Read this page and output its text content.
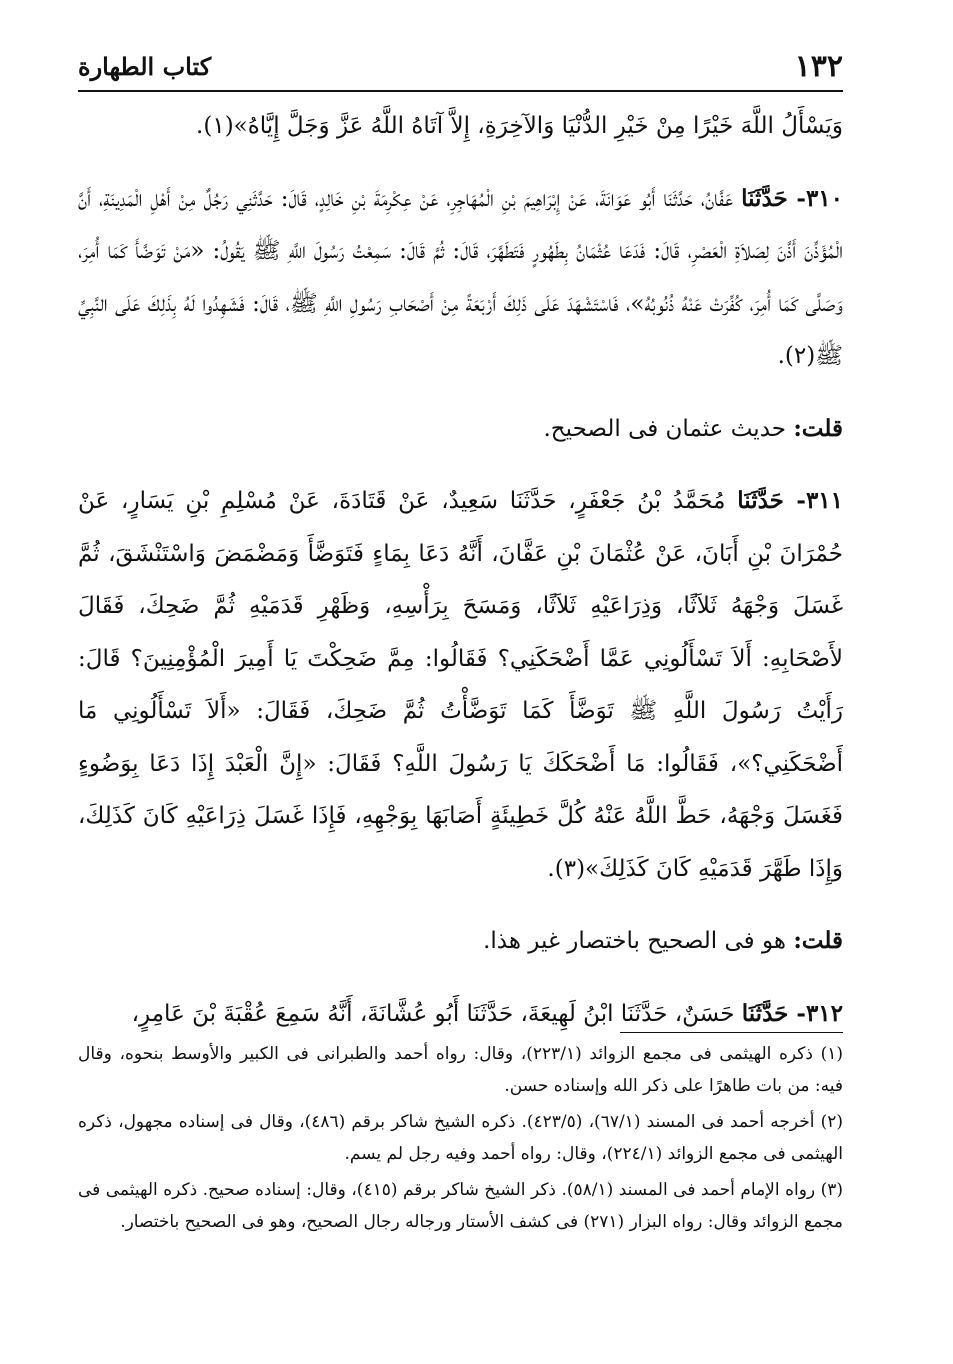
١٣٢
كتاب الطهارة

وَيَسْأَلُ اللَّهَ خَيْرًا مِنْ خَيْرِ الدُّنْيَا وَالآخِرَةِ، إِلاَّ آتَاهُ اللَّهُ عَزَّ وَجَلَّ إِيَّاهُ»(١).

٣١٠- حَدَّثَنَا عَفَّانُ، حَدَّثَنَا أَبُو عَوَانَةَ، عَنْ إِبْرَاهِيمَ بْنِ الْمُهَاجِرِ، عَنْ عِكْرِمَةَ بْنِ خَالِدٍ، قَالَ: حَدَّثَنِي رَجُلٌ مِنْ أَهْلِ الْمَدِينَةِ، أَنَّ الْمُؤَذِّنَ أَذَّنَ لِصَلاَةِ الْعَصْرِ، قَالَ: فَدَعَا عُثْمَانُ بِطَهُورٍ فَتَطَهَّرَ، قَالَ: ثُمَّ قَالَ: سَمِعْتُ رَسُولَ اللَّهِ ﷺ يَقُولُ: «مَنْ تَوَضَّأَ كَمَا أُمِرَ، وَصَلَّى كَمَا أُمِرَ، كُفِّرَتْ عَنْهُ ذُنُوبُهُ»، فَاسْتَشْهَدَ عَلَى ذَلِكَ أَرْبَعَةً مِنْ أَصْحَابِ رَسُولِ اللَّهِ ﷺ، قَالَ: فَشَهِدُوا لَهُ بِذَلِكَ عَلَى النَّبِيِّ ﷺ(٢).

قلت: حديث عثمان فى الصحيح.

٣١١- حَدَّثَنَا مُحَمَّدُ بْنُ جَعْفَرٍ، حَدَّثَنَا سَعِيدٌ، عَنْ قَتَادَةَ، عَنْ مُسْلِمِ بْنِ يَسَارٍ، عَنْ حُمْرَانَ بْنِ أَبَانَ، عَنْ عُثْمَانَ بْنِ عَفَّانَ، أَنَّهُ دَعَا بِمَاءٍ فَتَوَضَّأَ وَمَضْمَضَ وَاسْتَنْشَقَ، ثُمَّ غَسَلَ وَجْهَهُ ثَلاَثًا، وَذِرَاعَيْهِ ثَلاَثًا، وَمَسَحَ بِرَأْسِهِ، وَظَهْرِ قَدَمَيْهِ ثُمَّ ضَحِكَ، فَقَالَ لأَصْحَابِهِ: أَلاَ تَسْأَلُونِي عَمَّا أَضْحَكَنِي؟ فَقَالُوا: مِمَّ ضَحِكْتَ يَا أَمِيرَ الْمُؤْمِنِينَ؟ قَالَ: رَأَيْتُ رَسُولَ اللَّهِ ﷺ تَوَضَّأَ كَمَا تَوَضَّأْتُ ثُمَّ ضَحِكَ، فَقَالَ: «أَلاَ تَسْأَلُونِي مَا أَضْحَكَنِي؟»، فَقَالُوا: مَا أَضْحَكَكَ يَا رَسُولَ اللَّهِ؟ فَقَالَ: «إِنَّ الْعَبْدَ إِذَا دَعَا بِوَضُوءٍ فَغَسَلَ وَجْهَهُ، حَطَّ اللَّهُ عَنْهُ كُلَّ خَطِيئَةٍ أَصَابَهَا بِوَجْهِهِ، فَإِذَا غَسَلَ ذِرَاعَيْهِ كَانَ كَذَلِكَ، وَإِذَا طَهَّرَ قَدَمَيْهِ كَانَ كَذَلِكَ»(٣).

قلت: هو فى الصحيح باختصار غير هذا.

٣١٢- حَدَّثَنَا حَسَنٌ، حَدَّثَنَا ابْنُ لَهِيعَةَ، حَدَّثَنَا أَبُو عُشَّانَةَ، أَنَّهُ سَمِعَ عُقْبَةَ بْنَ عَامِرٍ،

(١) ذكره الهيثمى فى مجمع الزوائد (٢٢٣/١)، وقال: رواه أحمد والطبرانى فى الكبير والأوسط بنحوه، وقال فيه: من بات طاهرًا على ذكر الله وإسناده حسن.

(٢) أخرجه أحمد فى المسند (٦٧/١)، (٤٢٣/٥). ذكره الشيخ شاكر برقم (٤٨٦)، وقال فى إسناده مجهول، ذكره الهيثمى فى مجمع الزوائد (٢٢٤/١)، وقال: رواه أحمد وفيه رجل لم يسم.

(٣) رواه الإمام أحمد فى المسند (٥٨/١). ذكر الشيخ شاكر برقم (٤١٥)، وقال: إسناده صحيح. ذكره الهيثمى فى مجمع الزوائد وقال: رواه البزار (٢٧١) فى كشف الأستار ورجاله رجال الصحيح، وهو فى الصحيح باختصار.
